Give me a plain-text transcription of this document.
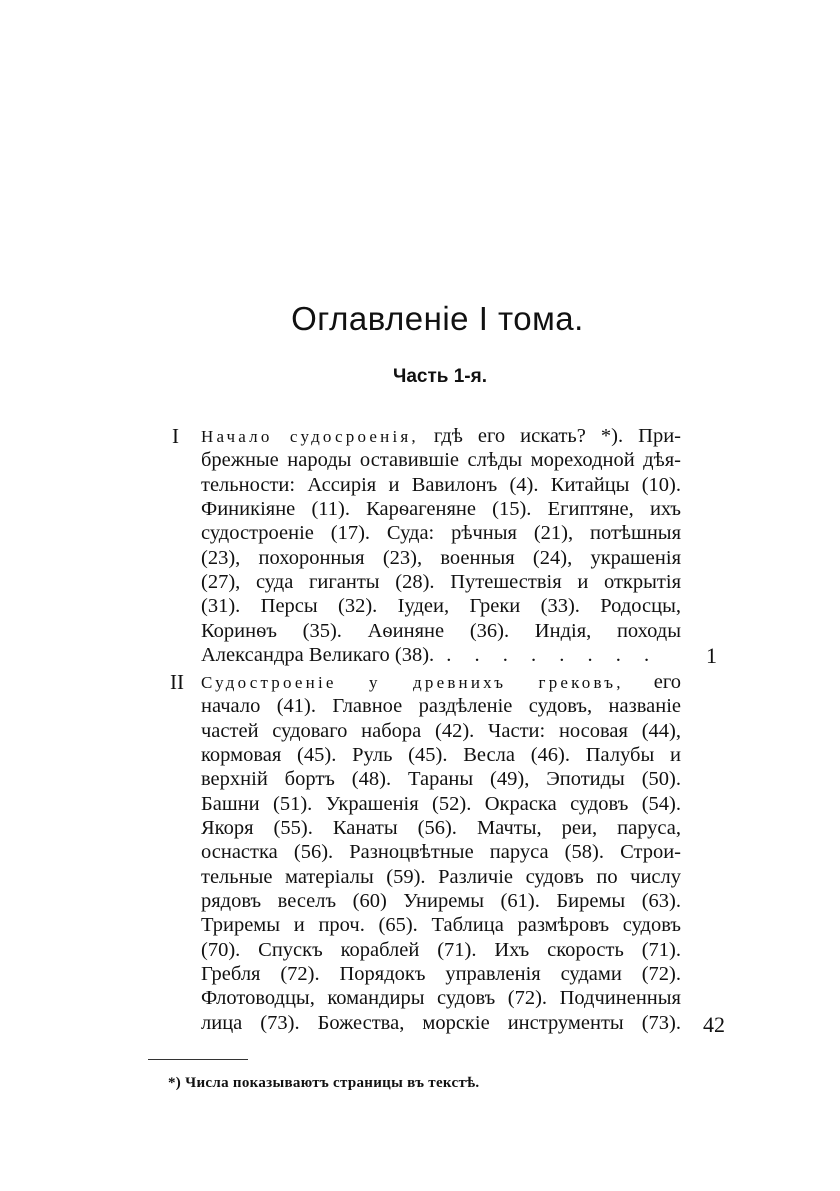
Оглавленіе I тома.
Часть 1-я.
I Начало судосроенія, гдѣ его искать? *). При-
брежные народы оставившіе слѣды мореходной дѣя-
тельности: Ассирія и Вавилонъ (4). Китайцы (10).
Финикіяне (11). Карѳагеняне (15). Египтяне, ихъ
судостроеніе (17). Суда: рѣчныя (21), потѣшныя
(23), похоронныя (23), военныя (24), украшенія
(27), суда гиганты (28). Путешествія и открытія
(31). Персы (32). Іудеи, Греки (33). Родосцы,
Коринѳъ (35). Аѳиняне (36). Индія, походы
Александра Великаго (38). . . . . . . . .	1
II Судостроеніе у древнихъ грековъ, его
начало (41). Главное раздѣленіе судовъ, названіе
частей судоваго набора (42). Части: носовая (44),
кормовая (45). Руль (45). Весла (46). Палубы и
верхній бортъ (48). Тараны (49), Эпотиды (50).
Башни (51). Украшенія (52). Окраска судовъ (54).
Якоря (55). Канаты (56). Мачты, реи, паруса,
оснастка (56). Разноцвѣтные паруса (58). Строи-
тельные матеріалы (59). Различіе судовъ по числу
рядовъ веселъ (60) Униремы (61). Биремы (63).
Триремы и проч. (65). Таблица размѣровъ судовъ
(70). Спускъ кораблей (71). Ихъ скорость (71).
Гребля (72). Порядокъ управленія судами (72).
Флотоводцы, командиры судовъ (72). Подчиненныя
лица (73). Божества, морскіе инструменты (73). 42
*) Числа показываютъ страницы въ текстѣ.
